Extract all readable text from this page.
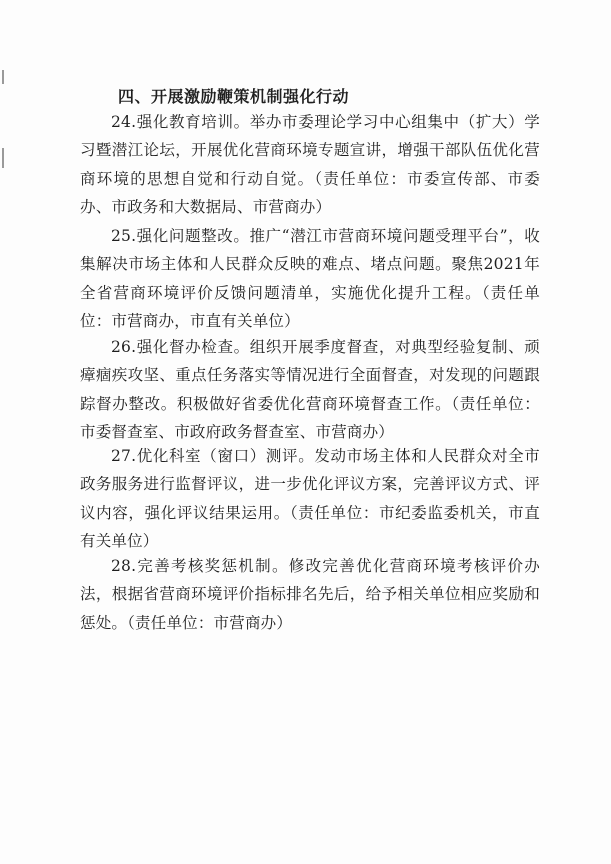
四、开展激励鞭策机制强化行动
24.强化教育培训。举办市委理论学习中心组集中（扩大）学习暨潜江论坛，开展优化营商环境专题宣讲，增强干部队伍优化营商环境的思想自觉和行动自觉。（责任单位：市委宣传部、市委办、市政务和大数据局、市营商办）
25.强化问题整改。推广“潜江市营商环境问题受理平台”，收集解决市场主体和人民群众反映的难点、堵点问题。聚焦2021年全省营商环境评价反馈问题清单，实施优化提升工程。（责任单位：市营商办，市直有关单位）
26.强化督办检查。组织开展季度督查，对典型经验复制、顽瘴痼疾攻坚、重点任务落实等情况进行全面督查，对发现的问题跟踪督办整改。积极做好省委优化营商环境督查工作。（责任单位：市委督查室、市政府政务督查室、市营商办）
27.优化科室（窗口）测评。发动市场主体和人民群众对全市政务服务进行监督评议，进一步优化评议方案，完善评议方式、评议内容，强化评议结果运用。（责任单位：市纪委监委机关，市直有关单位）
28.完善考核奖惩机制。修改完善优化营商环境考核评价办法，根据省营商环境评价指标排名先后，给予相关单位相应奖励和惩处。（责任单位：市营商办）
